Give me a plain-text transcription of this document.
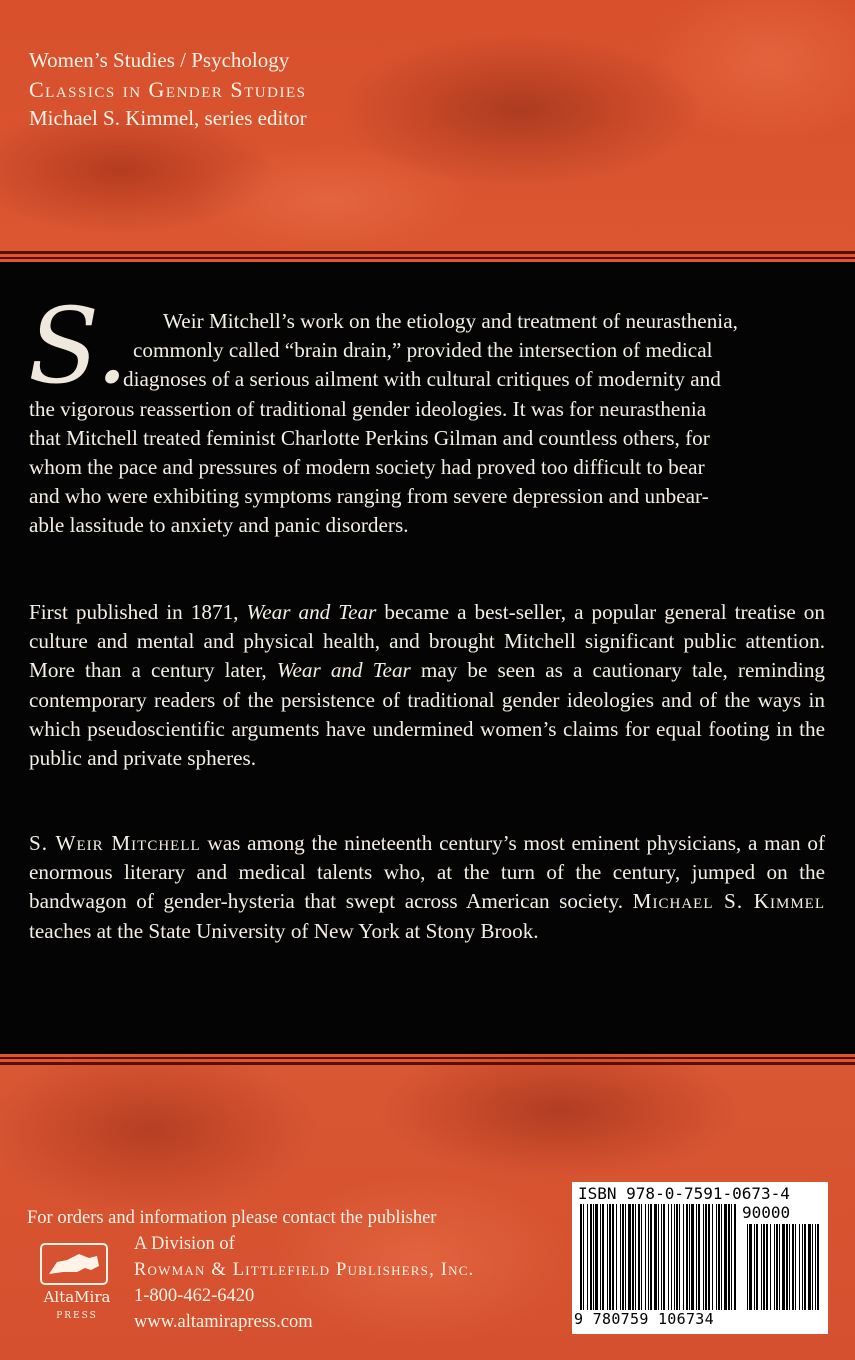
Women’s Studies / Psychology
Classics in Gender Studies
Michael S. Kimmel, series editor
S.	Weir Mitchell’s work on the etiology and treatment of neurasthenia,
commonly called “brain drain,” provided the intersection of medical
diagnoses of a serious ailment with cultural critiques of modernity and
the vigorous reassertion of traditional gender ideologies. It was for neurasthenia
that Mitchell treated feminist Charlotte Perkins Gilman and countless others, for
whom the pace and pressures of modern society had proved too difficult to bear
and who were exhibiting symptoms ranging from severe depression and unbear-
able lassitude to anxiety and panic disorders.
First published in 1871, Wear and Tear became a best-seller, a popular general treatise on culture and mental and physical health, and brought Mitchell significant public attention. More than a century later, Wear and Tear may be seen as a cautionary tale, reminding contemporary readers of the persistence of traditional gender ideologies and of the ways in which pseudoscientific arguments have undermined women’s claims for equal footing in the public and private spheres.
S. Weir Mitchell was among the nineteenth century’s most eminent physicians, a man of enormous literary and medical talents who, at the turn of the century, jumped on the bandwagon of gender-hysteria that swept across American society. Michael S. Kimmel teaches at the State University of New York at Stony Brook.
For orders and information please contact the publisher
AltaMira
PRESS
A Division of
Rowman & Littlefield Publishers, Inc.
1-800-462-6420
www.altamirapress.com
ISBN 978-0-7591-0673-4
90000
9 780759 106734
